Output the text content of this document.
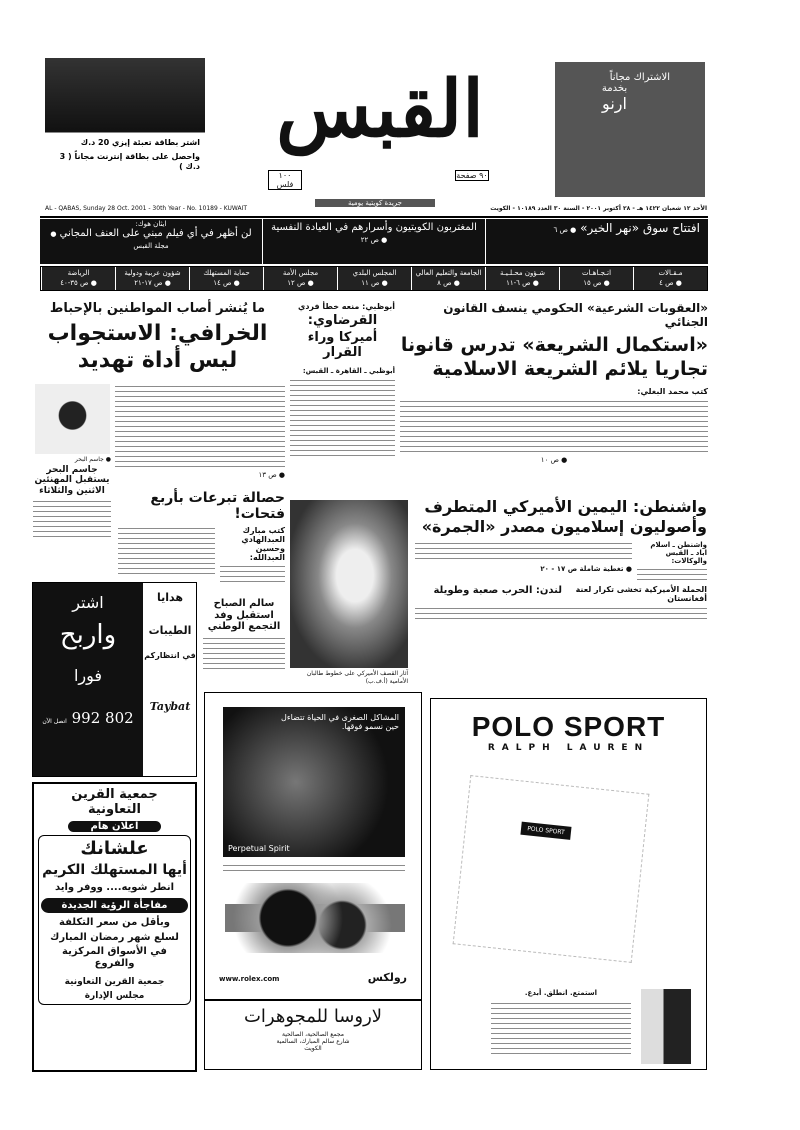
اشتر بطاقة تعبئة إيزي 20 د.ك
واحصل على بطاقة إنترنت مجاناً ( 3 د.ك )
القبس
١٠٠ فلس
٩٠ صفحة
جريدة كويتية يومية
الاشتراك مجاناً
بخدمة
ارنو
AL - QABAS, Sunday 28 Oct. 2001 - 30th Year - No. 10189 - KUWAIT	الأحد ١٢ شعبان ١٤٢٢ هـ - ٢٨ أكتوبر ٢٠٠١ - السنة ٣٠ العدد ١٠١٨٩ - الكويت
افتتاح سوق «نهر الخير» ● ص ٦
المغتربون الكويتيون وأسرارهم في العيادة النفسية ● ص ٢٢
ايثان هوك:
لن أظهر في أي فيلم مبني على العنف المجاني ● مجلة القبس
مـقـالات
● ص ٤
اتـجـاهـات
● ص ١٥
شـؤون محـلـيـة
● ص ٦-١١
الجامعة والتعليم العالي
● ص ٨
المجلس البلدي
● ص ١١
مجلس الأمة
● ص ١٢
حماية المستهلك
● ص ١٤
شؤون عربية ودولية
● ص ١٧-٢١
الرياضة
● ص ٣٥-٤٠
«العقوبات الشرعية» الحكومي ينسف القانون الجنائي
«استكمال الشريعة» تدرس قانونا
تجاريا يلائم الشريعة الاسلامية
كتب محمد البغلي:
● ص ١٠
أبوظبي: منعه خطأ فردي
القرضاوي:
أميركا وراء القرار
أبوظبي ـ القاهرة ـ القبس:
ما يُنشر أصاب المواطنين بالإحباط
الخرافي: الاستجواب
ليس أداة تهديد
● ص ١٣
● جاسم البحر
جاسم البحر يستقبل المهنئين الاثنين والثلاثاء	حصالة تبرعات بأربع فتحات!
كتب مبارك العبدالهادي وحسين العبدالله:
سالم الصباح استقبل وفد التجمع الوطني
واشنطن: اليمين الأميركي المتطرف
وأصوليون إسلاميون مصدر «الجمرة»
واشنطن ـ اسلام اباد ـ القبس والوكالات:
● تغطية شاملة ص ١٧ - ٢٠
الحملة الأميركية تخشى تكرار لعنة أفغانستان
لندن: الحرب صعبة وطويلة
آثار القصف الأميركي على خطوط طالبان الأمامية (أ.ف.ب)
اشتر
واربح
فورا
802 992 اتصل الآن
هدايا
الطيبات
في انتظاركم
Taybat
جمعية القرين التعاونية
اعلان هام
علشانك
أيها المستهلك الكريم
انطر شويه.... ووفر وايد
مفاجأة الرؤية الجديدة
وبأقل من سعر التكلفة
لسلع شهر رمضان المبارك
في الأسواق المركزية والفروع
جمعية القرين التعاونية
مجلس الإدارة
المشاكل الصغرى في الحياة تتضاءل حين نسمو فوقها.
Perpetual Spirit
www.rolex.com	رولكس
لاروسا للمجوهرات
مجمع الصالحية، الصالحية
شارع سالم المبارك، السالمية
الكويت
POLO SPORT
RALPH LAUREN
POLO SPORT
استمتع. انطلق. أبدع.
